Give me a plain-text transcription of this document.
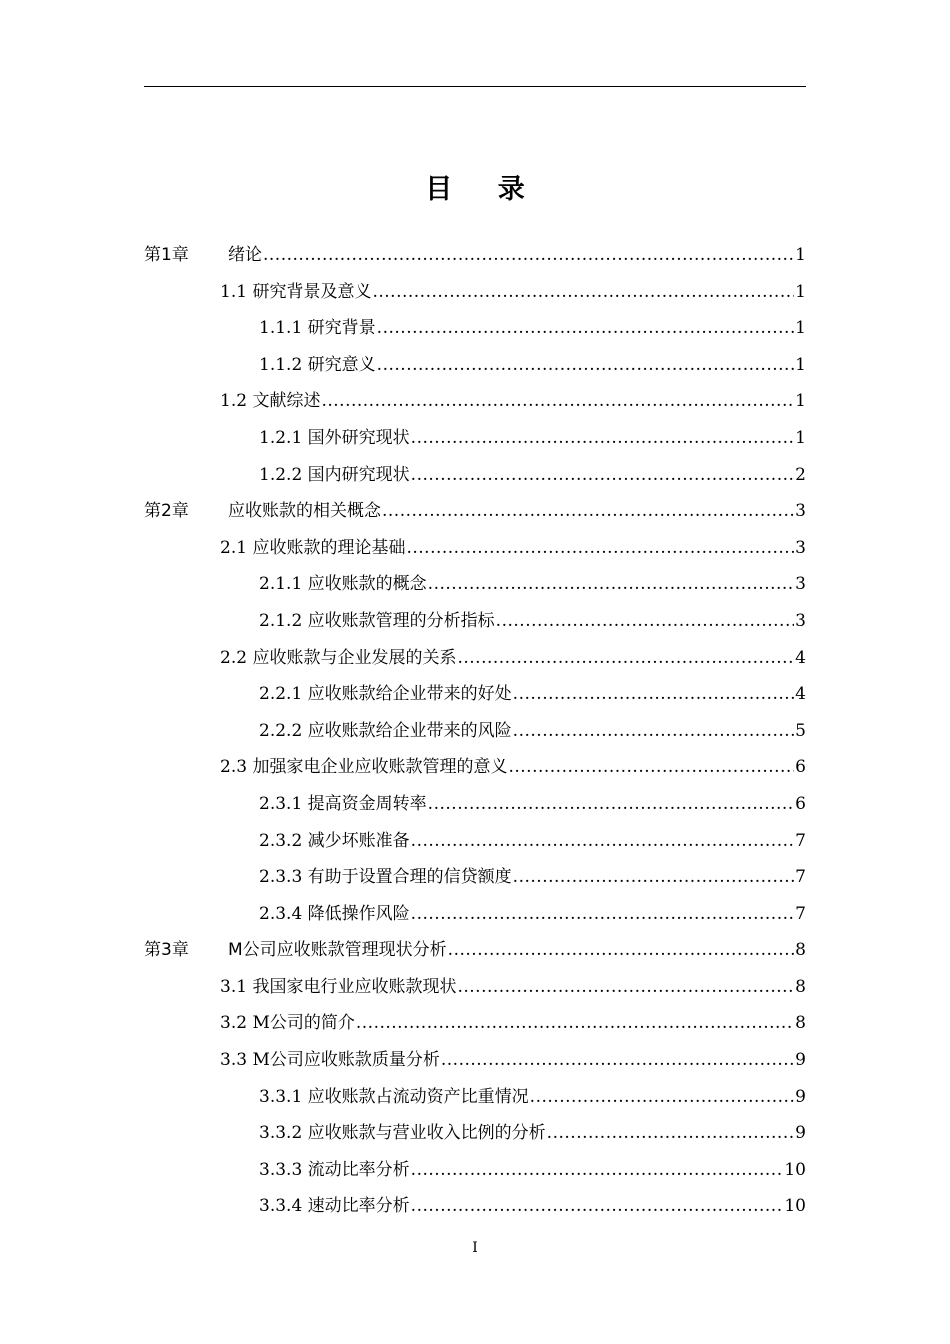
目 录
第1章	绪论 .....	1
1.1 研究背景及意义 .....	1
1.1.1 研究背景 .....	1
1.1.2 研究意义 .....	1
1.2 文献综述 .....	1
1.2.1 国外研究现状 .....	1
1.2.2 国内研究现状 .....	2
第2章	应收账款的相关概念 .....	3
2.1 应收账款的理论基础 .....	3
2.1.1 应收账款的概念 .....	3
2.1.2 应收账款管理的分析指标 .....	3
2.2 应收账款与企业发展的关系 .....	4
2.2.1 应收账款给企业带来的好处 .....	4
2.2.2 应收账款给企业带来的风险 .....	5
2.3 加强家电企业应收账款管理的意义 .....	6
2.3.1 提高资金周转率 .....	6
2.3.2 减少坏账准备 .....	7
2.3.3 有助于设置合理的信贷额度 .....	7
2.3.4 降低操作风险 .....	7
第3章	M公司应收账款管理现状分析 .....	8
3.1 我国家电行业应收账款现状 .....	8
3.2 M公司的简介 .....	8
3.3 M公司应收账款质量分析 .....	9
3.3.1 应收账款占流动资产比重情况 .....	9
3.3.2 应收账款与营业收入比例的分析 .....	9
3.3.3 流动比率分析 .....	10
3.3.4 速动比率分析 .....	10
I
